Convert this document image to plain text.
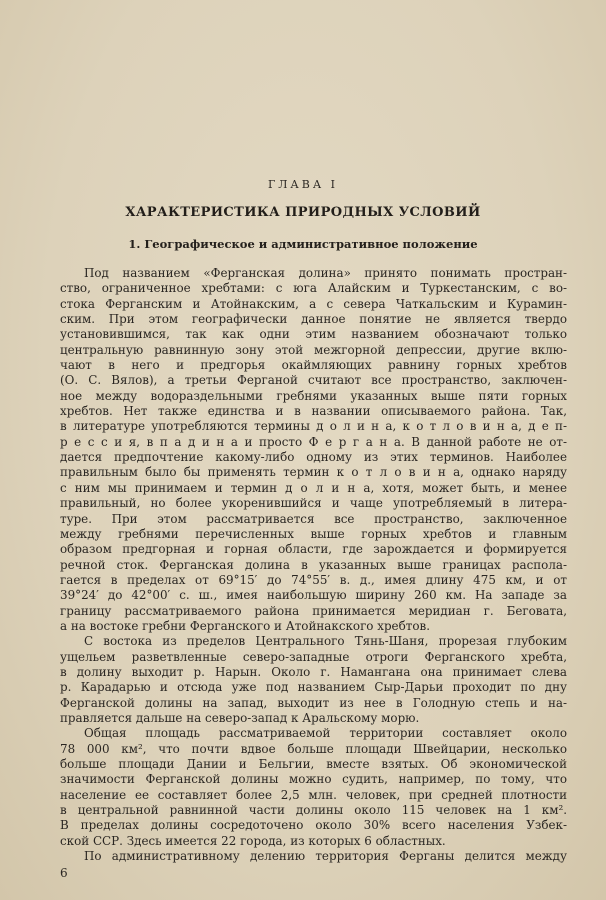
ГЛАВА I
ХАРАКТЕРИСТИКА ПРИРОДНЫХ УСЛОВИЙ
1. Географическое и административное положение
Под названием «Ферганская долина» принято понимать простран-
ство, ограниченное хребтами: с юга Алайским и Туркестанским, с во-
стока Ферганским и Атойнакским, а с севера Чаткальским и Курамин-
ским. При этом географически данное понятие не является твердо
установившимся, так как одни этим названием обозначают только
центральную равнинную зону этой межгорной депрессии, другие вклю-
чают в него и предгорья окаймляющих равнину горных хребтов
(О. С. Вялов), а третьи Ферганой считают все пространство, заключен-
ное между водораздельными гребнями указанных выше пяти горных
хребтов. Нет также единства и в названии описываемого района. Так,
в литературе употребляются термины д о л и н а, к о т л о в и н а, д е п-
р е с с и я, в п а д и н а и просто Ф е р г а н а. В данной работе не от-
дается предпочтение какому-либо одному из этих терминов. Наиболее
правильным было бы применять термин к о т л о в и н а, однако наряду
с ним мы принимаем и термин д о л и н а, хотя, может быть, и менее
правильный, но более укоренившийся и чаще употребляемый в литера-
туре. При этом рассматривается все пространство, заключенное
между гребнями перечисленных выше горных хребтов и главным
образом предгорная и горная области, где зарождается и формируется
речной сток. Ферганская долина в указанных выше границах распола-
гается в пределах от 69°15′ до 74°55′ в. д., имея длину 475 км, и от
39°24′ до 42°00′ с. ш., имея наибольшую ширину 260 км. На западе за
границу рассматриваемого района принимается меридиан г. Беговата,
а на востоке гребни Ферганского и Атойнакского хребтов.
С востока из пределов Центрального Тянь-Шаня, прорезая глубоким
ущельем разветвленные северо-западные отроги Ферганского хребта,
в долину выходит р. Нарын. Около г. Намангана она принимает слева
р. Карадарью и отсюда уже под названием Сыр-Дарьи проходит по дну
Ферганской долины на запад, выходит из нее в Голодную степь и на-
правляется дальше на северо-запад к Аральскому морю.
Общая площадь рассматриваемой территории составляет около
78 000 км², что почти вдвое больше площади Швейцарии, несколько
больше площади Дании и Бельгии, вместе взятых. Об экономической
значимости Ферганской долины можно судить, например, по тому, что
население ее составляет более 2,5 млн. человек, при средней плотности
в центральной равнинной части долины около 115 человек на 1 км².
В пределах долины сосредоточено около 30% всего населения Узбек-
ской ССР. Здесь имеется 22 города, из которых 6 областных.
По административному делению территория Ферганы делится между
6
